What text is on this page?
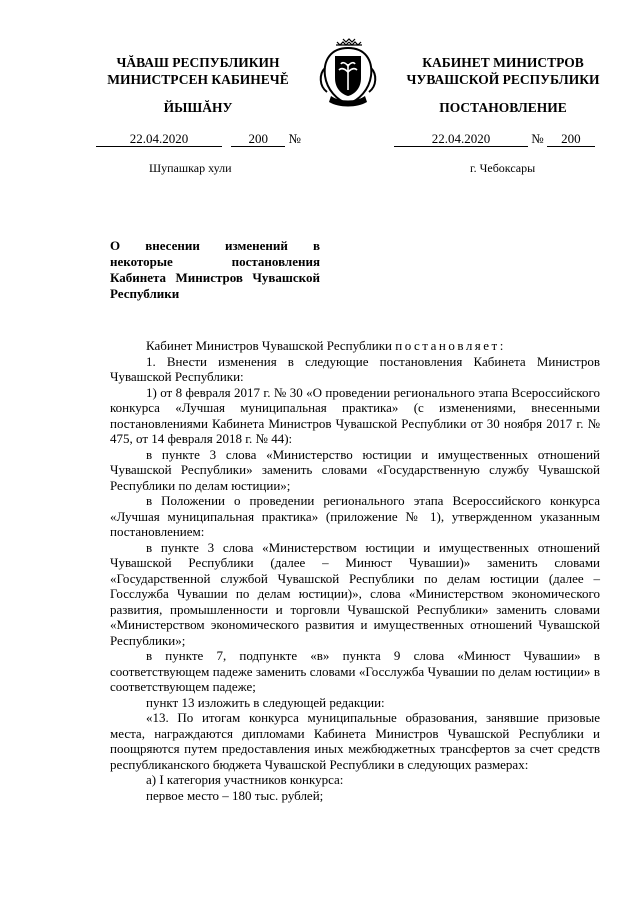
ЧĂВАШ РЕСПУБЛИКИН
МИНИСТРСЕН КАБИНЕЧĚ
ЙЫШĂНУ
КАБИНЕТ МИНИСТРОВ
ЧУВАШСКОЙ РЕСПУБЛИКИ
ПОСТАНОВЛЕНИЕ
22.04.2020	200 №	22.04.2020	№ 200
Шупашкар хули	г. Чебоксары
О внесении изменений в некоторые постановления Кабинета Министров Чувашской Республики

Кабинет Министров Чувашской Республики постановляет:

1. Внести изменения в следующие постановления Кабинета Министров Чувашской Республики:

1) от 8 февраля 2017 г. № 30 «О проведении регионального этапа Всероссийского конкурса «Лучшая муниципальная практика» (с изменениями, внесенными постановлениями Кабинета Министров Чувашской Республики от 30 ноября 2017 г. № 475, от 14 февраля 2018 г. № 44):

в пункте 3 слова «Министерство юстиции и имущественных отношений Чувашской Республики» заменить словами «Государственную службу Чувашской Республики по делам юстиции»;

в Положении о проведении регионального этапа Всероссийского конкурса «Лучшая муниципальная практика» (приложение № 1), утвержденном указанным постановлением:

в пункте 3 слова «Министерством юстиции и имущественных отношений Чувашской Республики (далее – Минюст Чувашии)» заменить словами «Государственной службой Чувашской Республики по делам юстиции (далее – Госслужба Чувашии по делам юстиции)», слова «Министерством экономического развития, промышленности и торговли Чувашской Республики» заменить словами «Министерством экономического развития и имущественных отношений Чувашской Республики»;

в пункте 7, подпункте «в» пункта 9 слова «Минюст Чувашии» в соответствующем падеже заменить словами «Госслужба Чувашии по делам юстиции» в соответствующем падеже;

пункт 13 изложить в следующей редакции:

«13. По итогам конкурса муниципальные образования, занявшие призовые места, награждаются дипломами Кабинета Министров Чувашской Республики и поощряются путем предоставления иных межбюджетных трансфертов за счет средств республиканского бюджета Чувашской Республики в следующих размерах:

а) I категория участников конкурса:

первое место – 180 тыс. рублей;
